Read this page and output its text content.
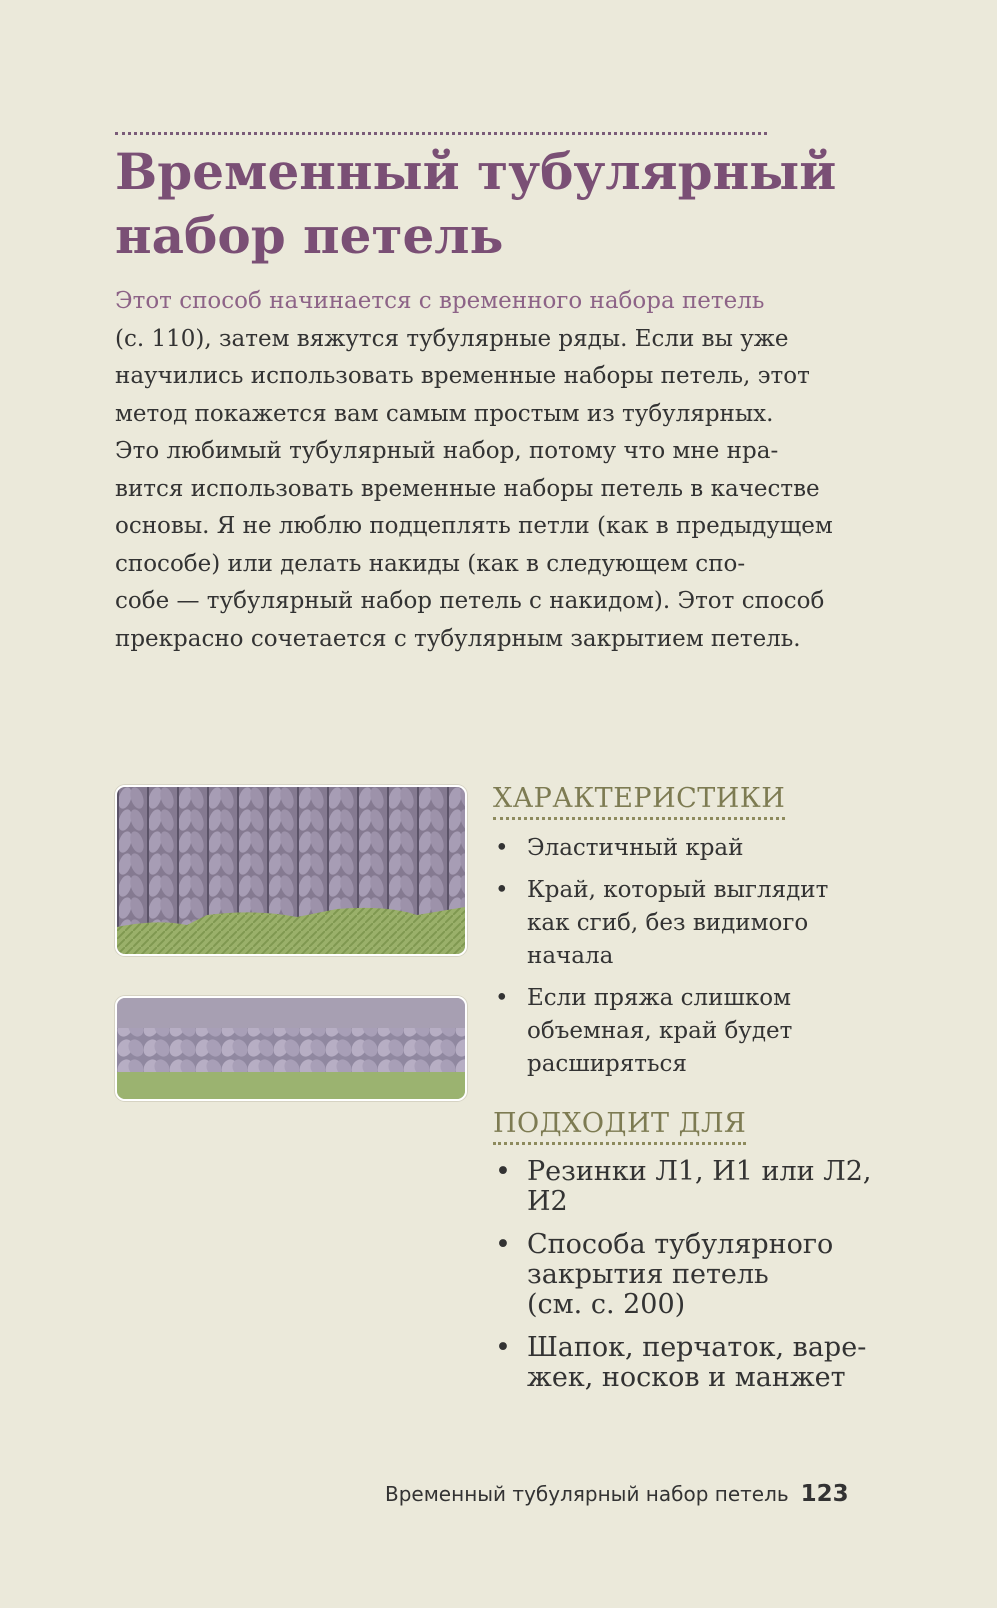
Временный тубулярный
набор петель
Этот способ начинается с временного набора петель
(с. 110), затем вяжутся тубулярные ряды. Если вы уже
научились использовать временные наборы петель, этот
метод покажется вам самым простым из тубулярных.
Это любимый тубулярный набор, потому что мне нра-
вится использовать временные наборы петель в качестве
основы. Я не люблю подцеплять петли (как в предыдущем
способе) или делать накиды (как в следующем спо-
собе — тубулярный набор петель с накидом). Этот способ
прекрасно сочетается с тубулярным закрытием петель.
ХАРАКТЕРИСТИКИ
• Эластичный край
• Край, который выглядит
как сгиб, без видимого
начала
• Если пряжа слишком
объемная, край будет
расширяться
ПОДХОДИТ ДЛЯ
• Резинки Л1, И1 или Л2,
И2
• Способа тубулярного
закрытия петель
(см. с. 200)
• Шапок, перчаток, варе-
жек, носков и манжет
Временный тубулярный набор петель 123
